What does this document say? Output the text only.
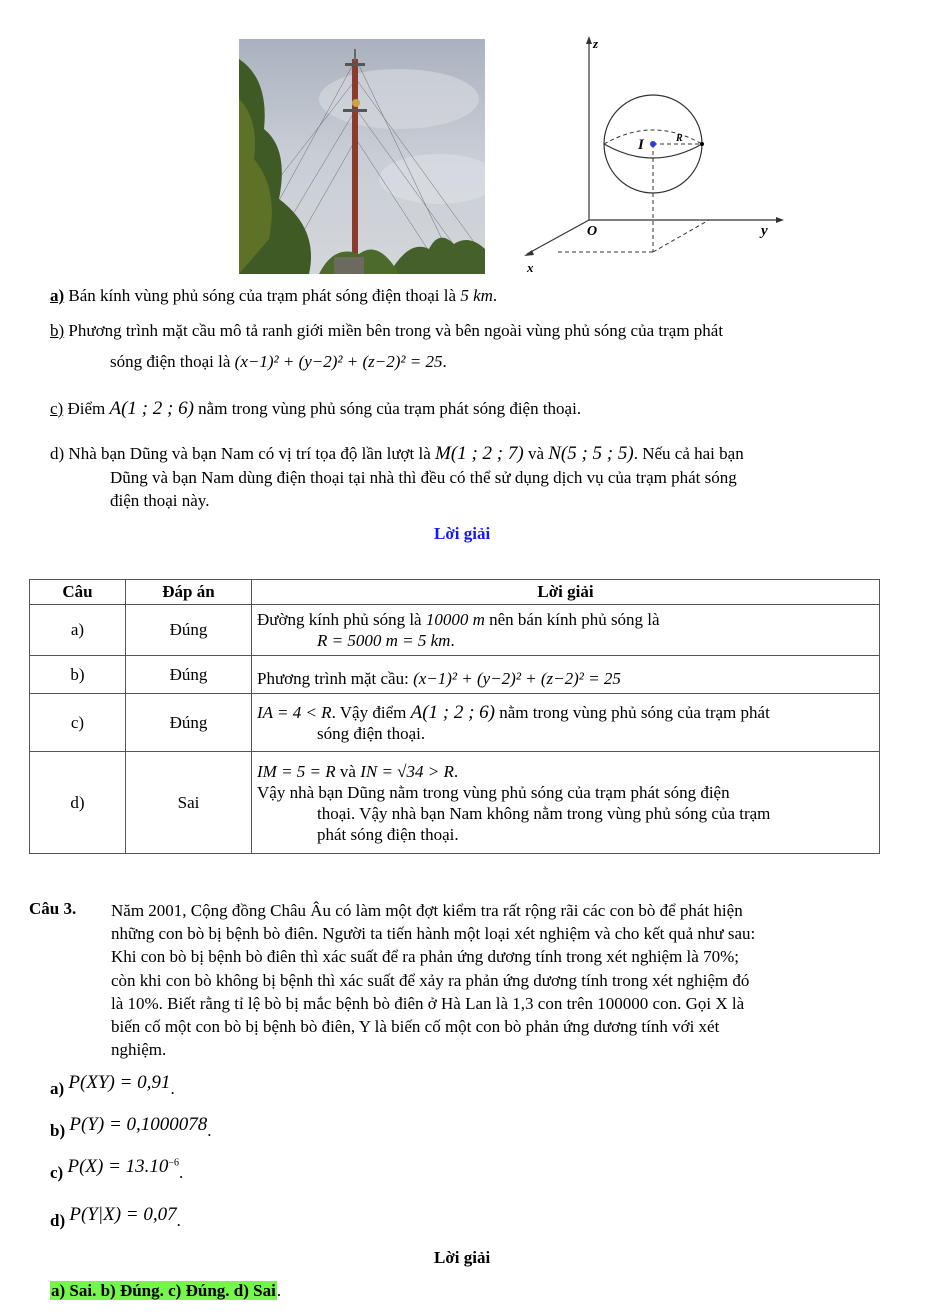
z
y
x
O
I	R
a) Bán kính vùng phủ sóng của trạm phát sóng điện thoại là 5 km.
b) Phương trình mặt cầu mô tả ranh giới miền bên trong và bên ngoài vùng phủ sóng của trạm phát
sóng điện thoại là (x−1)² + (y−2)² + (z−2)² = 25.
c) Điểm A(1 ; 2 ; 6) nằm trong vùng phủ sóng của trạm phát sóng điện thoại.
d) Nhà bạn Dũng và bạn Nam có vị trí tọa độ lần lượt là M(1 ; 2 ; 7) và N(5 ; 5 ; 5). Nếu cả hai bạn
Dũng và bạn Nam dùng điện thoại tại nhà thì đều có thể sử dụng dịch vụ của trạm phát sóng
điện thoại này.
Lời giải
Câu	Đáp án	Lời giải
a)	Đúng	Đường kính phủ sóng là 10000 m nên bán kính phủ sóng là
R = 5000 m = 5 km.

b)	Đúng	Phương trình mặt cầu: (x−1)² + (y−2)² + (z−2)² = 25

c)	Đúng	IA = 4 < R. Vậy điểm A(1 ; 2 ; 6) nằm trong vùng phủ sóng của trạm phát
sóng điện thoại.

d)	Sai	IM = 5 = R và IN = √34 > R.
Vậy nhà bạn Dũng nằm trong vùng phủ sóng của trạm phát sóng điện
thoại. Vậy nhà bạn Nam không nằm trong vùng phủ sóng của trạm
phát sóng điện thoại.
Câu 3. Năm 2001, Cộng đồng Châu Âu có làm một đợt kiểm tra rất rộng rãi các con bò để phát hiện
những con bò bị bệnh bò điên. Người ta tiến hành một loại xét nghiệm và cho kết quả như sau:
Khi con bò bị bệnh bò điên thì xác suất để ra phản ứng dương tính trong xét nghiệm là 70%;
còn khi con bò không bị bệnh thì xác suất để xảy ra phản ứng dương tính trong xét nghiệm đó
là 10%. Biết rằng tỉ lệ bò bị mắc bệnh bò điên ở Hà Lan là 1,3 con trên 100000 con. Gọi X là
biến cố một con bò bị bệnh bò điên, Y là biến cố một con bò phản ứng dương tính với xét
nghiệm.
a) P(XY) = 0,91.
b) P(Y) = 0,1000078.
c) $P(X) = 13.10^{-6}$.
d) P(Y|X) = 0,07.
Lời giải
a) Sai. b) Đúng. c) Đúng. d) Sai.
